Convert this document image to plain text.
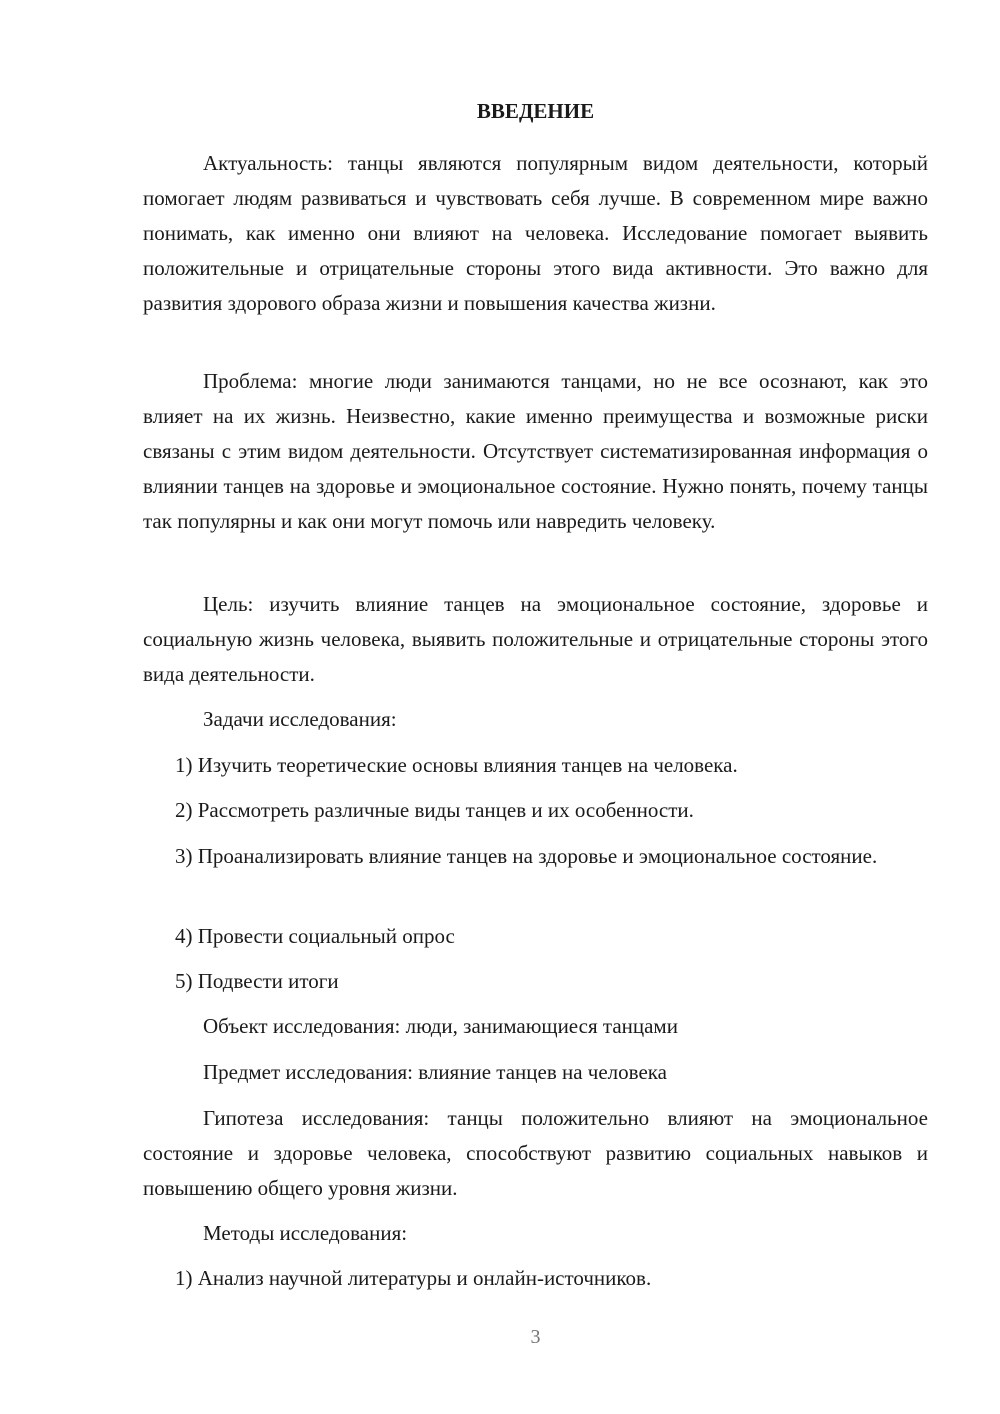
ВВЕДЕНИЕ

Актуальность: танцы являются популярным видом деятельности, который помогает людям развиваться и чувствовать себя лучше. В современном мире важно понимать, как именно они влияют на человека. Исследование помогает выявить положительные и отрицательные стороны этого вида активности. Это важно для развития здорового образа жизни и повышения качества жизни.

Проблема: многие люди занимаются танцами, но не все осознают, как это влияет на их жизнь. Неизвестно, какие именно преимущества и возможные риски связаны с этим видом деятельности. Отсутствует систематизированная информация о влиянии танцев на здоровье и эмоциональное состояние. Нужно понять, почему танцы так популярны и как они могут помочь или навредить человеку.

Цель: изучить влияние танцев на эмоциональное состояние, здоровье и социальную жизнь человека, выявить положительные и отрицательные стороны этого вида деятельности.

Задачи исследования:

1) Изучить теоретические основы влияния танцев на человека.

2) Рассмотреть различные виды танцев и их особенности.

3) Проанализировать влияние танцев на здоровье и эмоциональное состояние.

4) Провести социальный опрос

5) Подвести итоги

Объект исследования: люди, занимающиеся танцами

Предмет исследования: влияние танцев на человека

Гипотеза исследования: танцы положительно влияют на эмоциональное состояние и здоровье человека, способствуют развитию социальных навыков и повышению общего уровня жизни.

Методы исследования:

1) Анализ научной литературы и онлайн-источников.

3
